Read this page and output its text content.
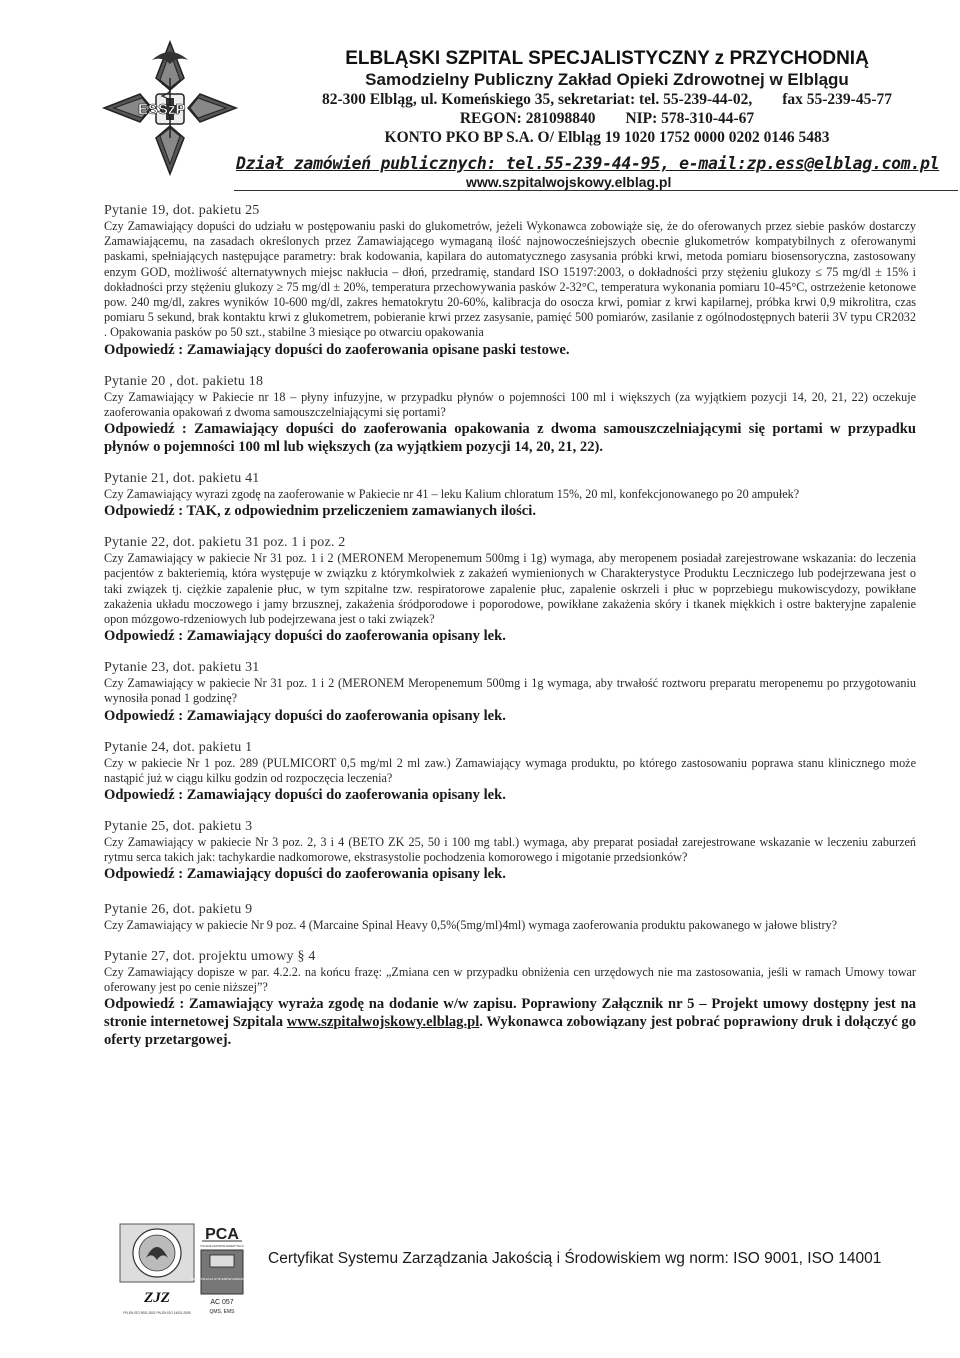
ESSzP
ELBLĄSKI SZPITAL SPECJALISTYCZNY z PRZYCHODNIĄ
Samodzielny Publiczny Zakład Opieki Zdrowotnej w Elblągu
82-300 Elbląg, ul. Komeńskiego 35, sekretariat: tel. 55-239-44-02, fax 55-239-45-77
REGON: 281098840 NIP: 578-310-44-67
KONTO PKO BP S.A. O/ Elbląg 19 1020 1752 0000 0202 0146 5483
Dział zamówień publicznych: tel.55-239-44-95, e-mail:zp.ess@elblag.com.pl
www.szpitalwojskowy.elblag.pl
Pytanie 19, dot. pakietu 25
Czy Zamawiający dopuści do udziału w postępowaniu paski do glukometrów, jeżeli Wykonawca zobowiąże się, że do oferowanych przez siebie pasków dostarczy Zamawiającemu, na zasadach określonych przez Zamawiającego wymaganą ilość najnowocześniejszych obecnie glukometrów kompatybilnych z oferowanymi paskami, spełniających następujące parametry: brak kodowania, kapilara do automatycznego zasysania próbki krwi, metoda pomiaru biosensoryczna, zastosowany enzym GOD, możliwość alternatywnych miejsc nakłucia – dłoń, przedramię, standard ISO 15197:2003, o dokładności przy stężeniu glukozy ≤ 75 mg/dl ± 15% i dokładności przy stężeniu glukozy ≥ 75 mg/dl ± 20%, temperatura przechowywania pasków 2-32°C, temperatura wykonania pomiaru 10-45°C, ostrzeżenie ketonowe pow. 240 mg/dl, zakres wyników 10-600 mg/dl, zakres hematokrytu 20-60%, kalibracja do osocza krwi, pomiar z krwi kapilarnej, próbka krwi 0,9 mikrolitra, czas pomiaru 5 sekund, brak kontaktu krwi z glukometrem, pobieranie krwi przez zasysanie, pamięć 500 pomiarów, zasilanie z ogólnodostępnych baterii 3V typu CR2032 . Opakowania pasków po 50 szt., stabilne 3 miesiące po otwarciu opakowania
Odpowiedź : Zamawiający dopuści do zaoferowania opisane paski testowe.
Pytanie 20 , dot. pakietu 18
Czy Zamawiający w Pakiecie nr 18 – płyny infuzyjne, w przypadku płynów o pojemności 100 ml i większych (za wyjątkiem pozycji 14, 20, 21, 22) oczekuje zaoferowania opakowań z dwoma samouszczelniającymi się portami?
Odpowiedź : Zamawiający dopuści do zaoferowania opakowania z dwoma samouszczelniającymi się portami w przypadku płynów o pojemności 100 ml lub większych (za wyjątkiem pozycji 14, 20, 21, 22).
Pytanie 21, dot. pakietu 41
Czy Zamawiający wyrazi zgodę na zaoferowanie w Pakiecie nr 41 – leku Kalium chloratum 15%, 20 ml, konfekcjonowanego po 20 ampułek?
Odpowiedź : TAK, z odpowiednim przeliczeniem zamawianych ilości.
Pytanie 22, dot. pakietu 31 poz. 1 i poz. 2
Czy Zamawiający w pakiecie Nr 31 poz. 1 i 2 (MERONEM Meropenemum 500mg i 1g) wymaga, aby meropenem posiadał zarejestrowane wskazania: do leczenia pacjentów z bakteriemią, która występuje w związku z którymkolwiek z zakażeń wymienionych w Charakterystyce Produktu Leczniczego lub podejrzewana jest o taki związek tj. ciężkie zapalenie płuc, w tym szpitalne tzw. respiratorowe zapalenie płuc, zapalenie oskrzeli i płuc w poprzebiegu mukowiscydozy, powikłane zakażenia układu moczowego i jamy brzusznej, zakażenia śródporodowe i poporodowe, powikłane zakażenia skóry i tkanek miękkich i ostre bakteryjne zapalenie opon mózgowo-rdzeniowych lub podejrzewana jest o taki związek?
Odpowiedź : Zamawiający dopuści do zaoferowania opisany lek.
Pytanie 23, dot. pakietu 31
Czy Zamawiający w pakiecie Nr 31 poz. 1 i 2 (MERONEM Meropenemum 500mg i 1g wymaga, aby trwałość roztworu preparatu meropenemu po przygotowaniu wynosiła ponad 1 godzinę?
Odpowiedź : Zamawiający dopuści do zaoferowania opisany lek.
Pytanie 24, dot. pakietu 1
Czy w pakiecie Nr 1 poz. 289 (PULMICORT 0,5 mg/ml 2 ml zaw.) Zamawiający wymaga produktu, po którego zastosowaniu poprawa stanu klinicznego może nastąpić już w ciągu kilku godzin od rozpoczęcia leczenia?
Odpowiedź : Zamawiający dopuści do zaoferowania opisany lek.
Pytanie 25, dot. pakietu 3
Czy Zamawiający w pakiecie Nr 3 poz. 2, 3 i 4 (BETO ZK 25, 50 i 100 mg tabl.) wymaga, aby preparat posiadał zarejestrowane wskazanie w leczeniu zaburzeń rytmu serca takich jak: tachykardie nadkomorowe, ekstrasystolie pochodzenia komorowego i migotanie przedsionków?
Odpowiedź : Zamawiający dopuści do zaoferowania opisany lek.
Pytanie 26, dot. pakietu 9
Czy Zamawiający w pakiecie Nr 9 poz. 4 (Marcaine Spinal Heavy 0,5%(5mg/ml)4ml) wymaga zaoferowania produktu pakowanego w jałowe blistry?
Pytanie 27, dot. projektu umowy § 4
Czy Zamawiający dopisze w par. 4.2.2. na końcu frazę: „Zmiana cen w przypadku obniżenia cen urzędowych nie ma zastosowania, jeśli w ramach Umowy towar oferowany jest po cenie niższej”?
Odpowiedź : Zamawiający wyraża zgodę na dodanie w/w zapisu. Poprawiony Załącznik nr 5 – Projekt umowy dostępny jest na stronie internetowej Szpitala www.szpitalwojskowy.elblag.pl. Wykonawca zobowiązany jest pobrać poprawiony druk i dołączyć go oferty przetargowej.
ZJZ
PN-EN ISO 9001:2001 PN-EN ISO 14001:2005
PCA
POLSKIE CENTRUM AKREDYTACJI
CERTYFIKACJA SYSTEMÓW ZARZĄDZANIA
AC 057
QMS, EMS
Certyfikat Systemu Zarządzania Jakością i Środowiskiem wg norm: ISO 9001, ISO 14001
